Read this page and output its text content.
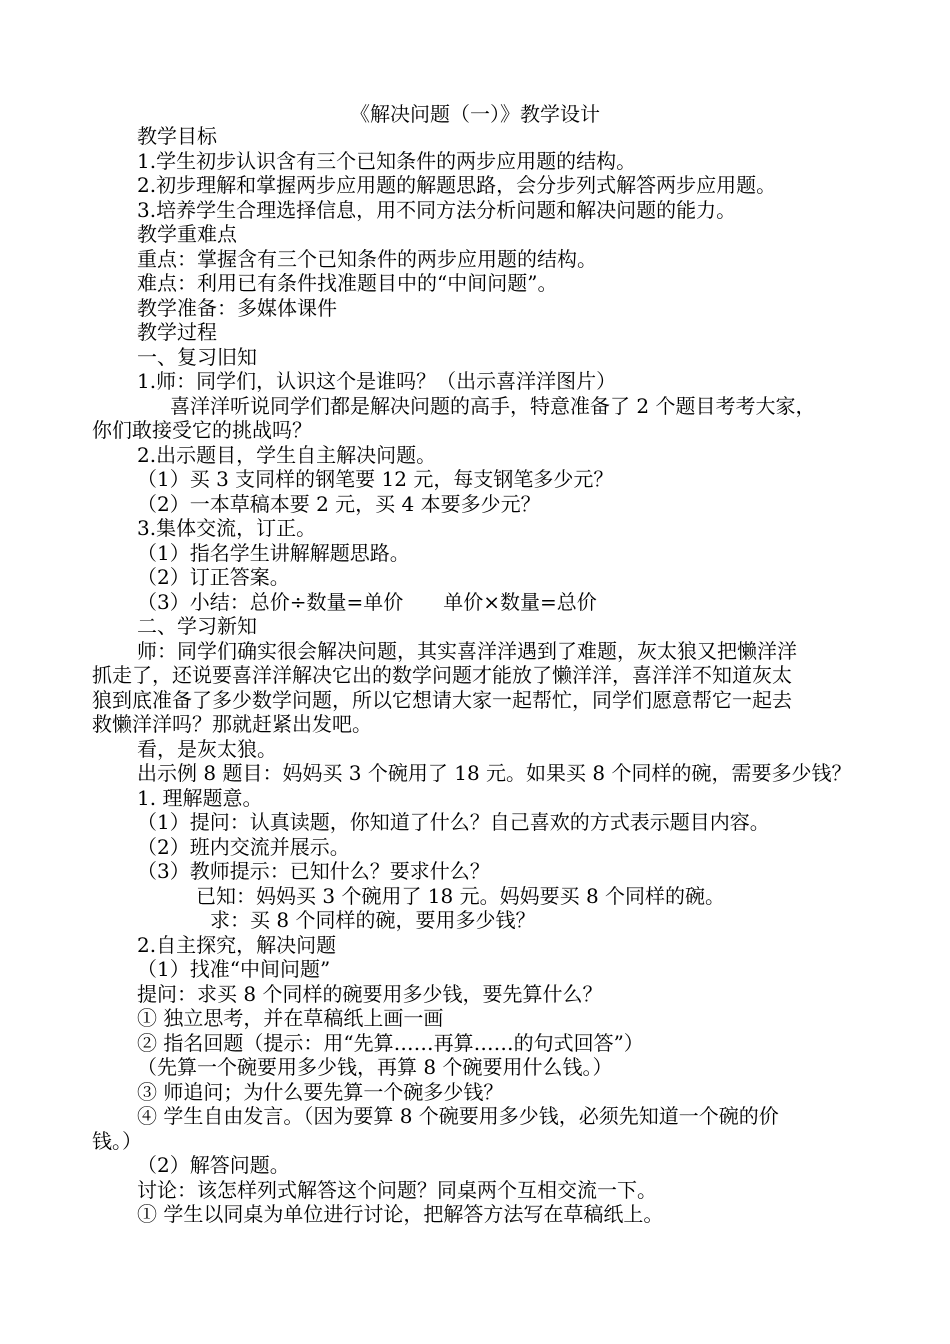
《解决问题（一）》教学设计
教学目标
1.学生初步认识含有三个已知条件的两步应用题的结构。
2.初步理解和掌握两步应用题的解题思路，会分步列式解答两步应用题。
3.培养学生合理选择信息，用不同方法分析问题和解决问题的能力。
教学重难点
重点：掌握含有三个已知条件的两步应用题的结构。
难点：利用已有条件找准题目中的“中间问题”。
教学准备：多媒体课件
教学过程
一、复习旧知
1.师：同学们，认识这个是谁吗？（出示喜洋洋图片）
喜洋洋听说同学们都是解决问题的高手，特意准备了 2 个题目考考大家，
你们敢接受它的挑战吗？
2.出示题目，学生自主解决问题。
（1）买 3 支同样的钢笔要 12 元，每支钢笔多少元？
（2）一本草稿本要 2 元，买 4 本要多少元？
3.集体交流，订正。
（1）指名学生讲解解题思路。
（2）订正答案。
（3）小结：总价÷数量=单价　　单价×数量=总价
二、学习新知
师：同学们确实很会解决问题，其实喜洋洋遇到了难题，灰太狼又把懒洋洋
抓走了，还说要喜洋洋解决它出的数学问题才能放了懒洋洋，喜洋洋不知道灰太
狼到底准备了多少数学问题，所以它想请大家一起帮忙，同学们愿意帮它一起去
救懒洋洋吗？那就赶紧出发吧。
看，是灰太狼。
出示例 8 题目：妈妈买 3 个碗用了 18 元。如果买 8 个同样的碗，需要多少钱？
1. 理解题意。
（1）提问：认真读题，你知道了什么？自己喜欢的方式表示题目内容。
（2）班内交流并展示。
（3）教师提示：已知什么？要求什么？
已知：妈妈买 3 个碗用了 18 元。妈妈要买 8 个同样的碗。
求：买 8 个同样的碗，要用多少钱？
2.自主探究，解决问题
（1）找准“中间问题”
提问：求买 8 个同样的碗要用多少钱，要先算什么？
① 独立思考，并在草稿纸上画一画
② 指名回题（提示：用“先算……再算……的句式回答”）
（先算一个碗要用多少钱，再算 8 个碗要用什么钱。）
③ 师追问；为什么要先算一个碗多少钱？
④ 学生自由发言。（因为要算 8 个碗要用多少钱，必须先知道一个碗的价
钱。）
（2）解答问题。
讨论：该怎样列式解答这个问题？同桌两个互相交流一下。
① 学生以同桌为单位进行讨论，把解答方法写在草稿纸上。
